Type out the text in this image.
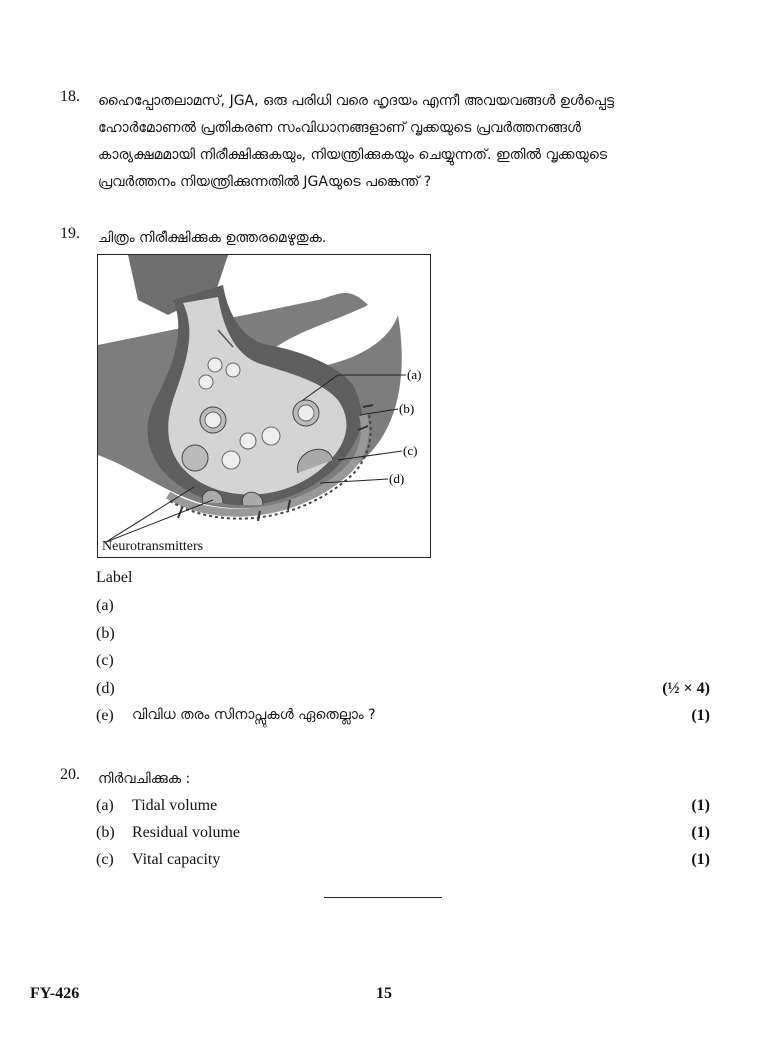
18. ഹൈപ്പോതലാമസ്, JGA, ഒരു പരിധി വരെ ഹൃദയം എന്നീ അവയവങ്ങൾ ഉൾപ്പെട്ട
ഹോർമോണൽ പ്രതികരണ സംവിധാനങ്ങളാണ് വൃക്കയുടെ പ്രവർത്തനങ്ങൾ
കാര്യക്ഷമമായി നിരീക്ഷിക്കുകയും, നിയന്ത്രിക്കുകയും ചെയ്യുന്നത്. ഇതിൽ വൃക്കയുടെ
പ്രവർത്തനം നിയന്ത്രിക്കുന്നതിൽ JGAയുടെ പങ്കെന്ത് ?
19. ചിത്രം നിരീക്ഷിക്കുക ഉത്തരമെഴുതുക.
(a)
(b)
(c)
(d)
Neurotransmitters
Label
(a)
(b)
(c)
(d)	(½ × 4)
(e) വിവിധ തരം സിനാപ്സുകൾ ഏതെല്ലാം ?	(1)
20. നിർവചിക്കുക :
(a) Tidal volume	(1)
(b) Residual volume	(1)
(c) Vital capacity	(1)
FY-426	15
